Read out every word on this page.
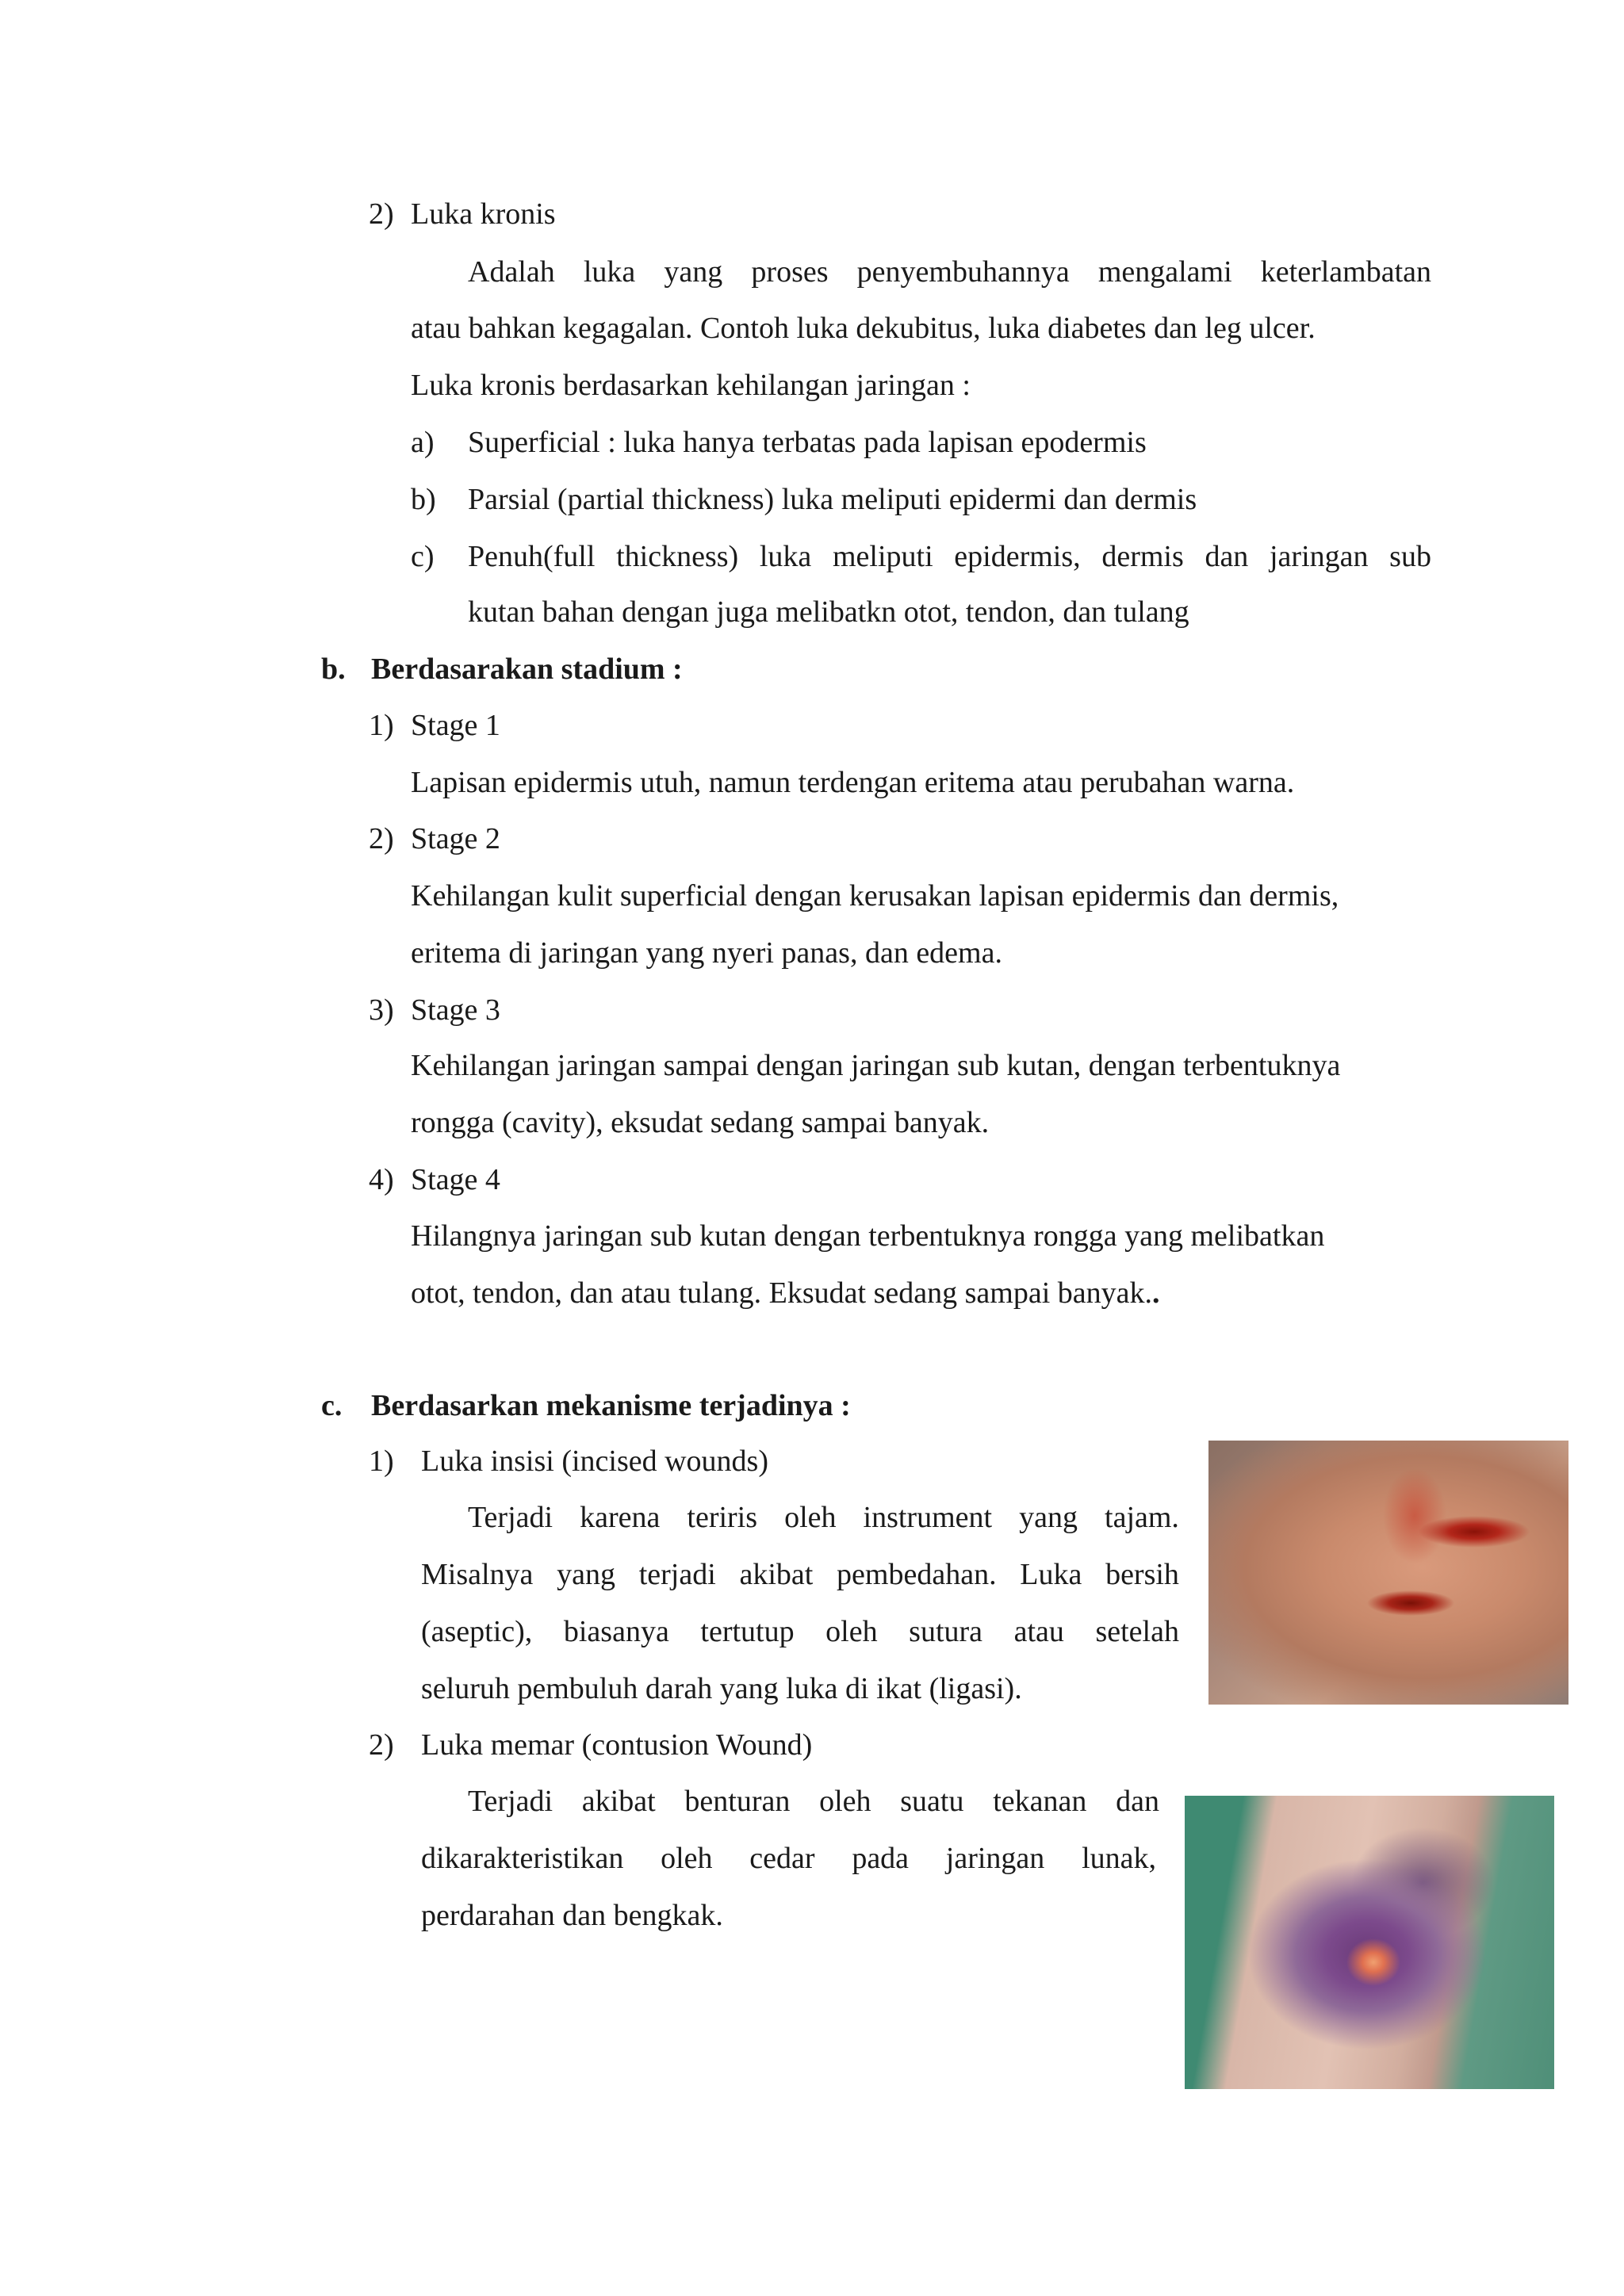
2) Luka kronis
Adalah luka yang proses penyembuhannya mengalami keterlambatan
atau bahkan kegagalan. Contoh luka dekubitus, luka diabetes dan leg ulcer.
Luka kronis berdasarkan kehilangan jaringan :
a) Superficial : luka hanya terbatas pada lapisan epodermis
b) Parsial (partial thickness) luka meliputi epidermi dan dermis
c) Penuh(full thickness) luka meliputi epidermis, dermis dan jaringan sub
kutan bahan dengan juga melibatkn otot, tendon, dan tulang
b. Berdasarakan stadium :
1) Stage 1
Lapisan epidermis utuh, namun terdengan eritema atau perubahan warna.
2) Stage 2
Kehilangan kulit superficial dengan kerusakan lapisan epidermis dan dermis,
eritema di jaringan yang nyeri panas, dan edema.
3) Stage 3
Kehilangan jaringan sampai dengan jaringan sub kutan, dengan terbentuknya
rongga (cavity), eksudat sedang sampai banyak.
4) Stage 4
Hilangnya jaringan sub kutan dengan terbentuknya rongga yang melibatkan
otot, tendon, dan atau tulang. Eksudat sedang sampai banyak..
c. Berdasarkan mekanisme terjadinya :
1) Luka insisi (incised wounds)
Terjadi karena teriris oleh instrument yang tajam.
Misalnya yang terjadi akibat pembedahan. Luka bersih
(aseptic), biasanya tertutup oleh sutura atau setelah
seluruh pembuluh darah yang luka di ikat (ligasi).
2) Luka memar (contusion Wound)
Terjadi akibat benturan oleh suatu tekanan dan
dikarakteristikan oleh cedar pada jaringan lunak,
perdarahan dan bengkak.
